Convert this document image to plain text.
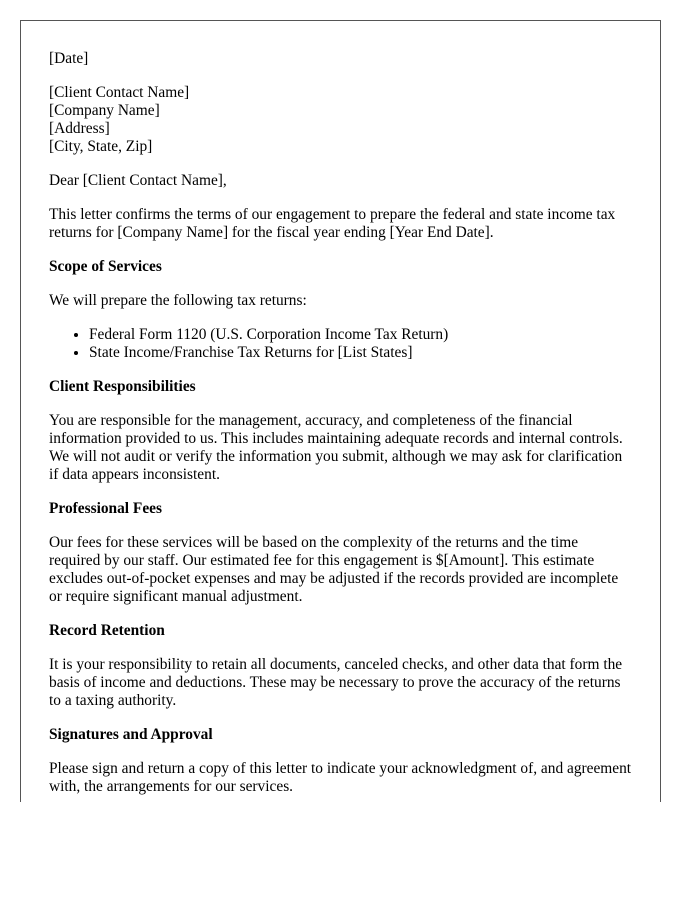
[Date]
[Client Contact Name]
[Company Name]
[Address]
[City, State, Zip]

Dear [Client Contact Name],

This letter confirms the terms of our engagement to prepare the federal and state income tax returns for [Company Name] for the fiscal year ending [Year End Date].

Scope of Services

We will prepare the following tax returns:

• Federal Form 1120 (U.S. Corporation Income Tax Return)
• State Income/Franchise Tax Returns for [List States]
Client Responsibilities

You are responsible for the management, accuracy, and completeness of the financial information provided to us. This includes maintaining adequate records and internal controls. We will not audit or verify the information you submit, although we may ask for clarification if data appears inconsistent.

Professional Fees

Our fees for these services will be based on the complexity of the returns and the time required by our staff. Our estimated fee for this engagement is $[Amount]. This estimate excludes out-of-pocket expenses and may be adjusted if the records provided are incomplete or require significant manual adjustment.

Record Retention

It is your responsibility to retain all documents, canceled checks, and other data that form the basis of income and deductions. These may be necessary to prove the accuracy of the returns to a taxing authority.

Signatures and Approval

Please sign and return a copy of this letter to indicate your acknowledgment of, and agreement with, the arrangements for our services.
